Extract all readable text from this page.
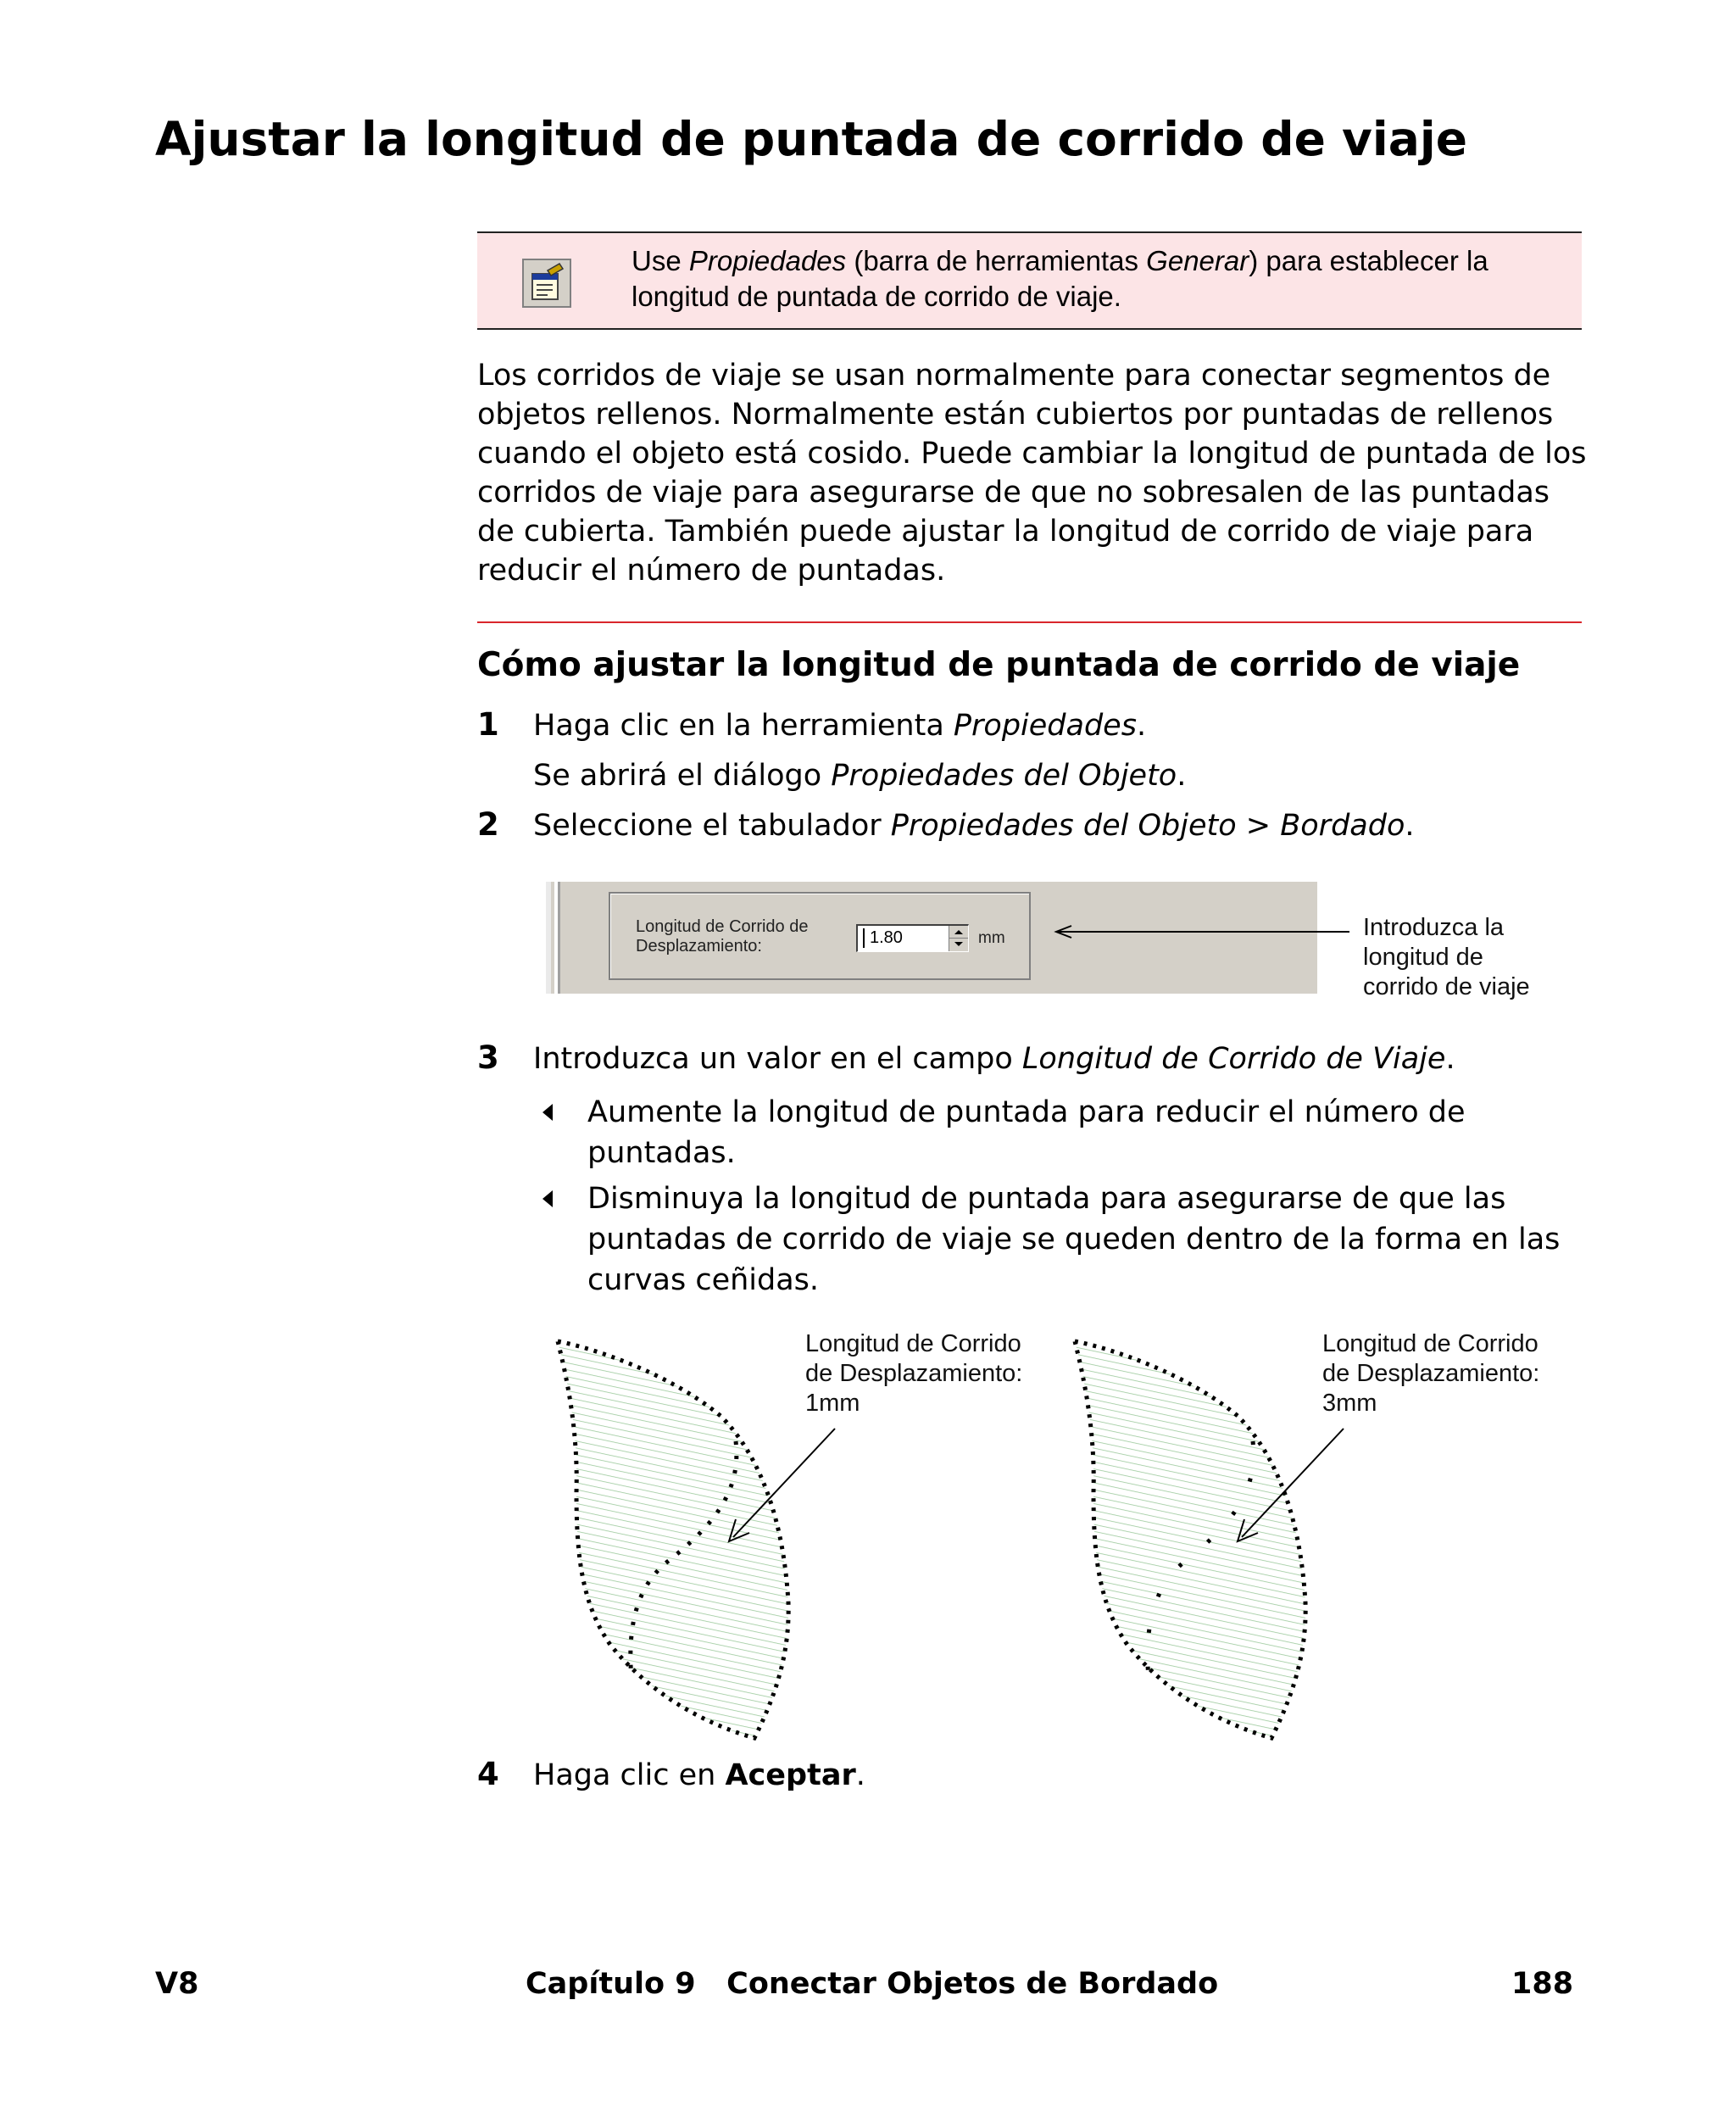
Ajustar la longitud de puntada de corrido de viaje
Use Propiedades (barra de herramientas Generar) para establecer la longitud de puntada de corrido de viaje.
Los corridos de viaje se usan normalmente para conectar segmentos de objetos rellenos. Normalmente están cubiertos por puntadas de rellenos cuando el objeto está cosido. Puede cambiar la longitud de puntada de los corridos de viaje para asegurarse de que no sobresalen de las puntadas de cubierta. También puede ajustar la longitud de corrido de viaje para reducir el número de puntadas.
Cómo ajustar la longitud de puntada de corrido de viaje
1 Haga clic en la herramienta Propiedades.
Se abrirá el diálogo Propiedades del Objeto.
2 Seleccione el tabulador Propiedades del Objeto > Bordado.
Longitud de Corrido de
Desplazamiento:	1.80	mm	Introduzca la
longitud de
corrido de viaje
3 Introduzca un valor en el campo Longitud de Corrido de Viaje.
Aumente la longitud de puntada para reducir el número de puntadas.
Disminuya la longitud de puntada para asegurarse de que las puntadas de corrido de viaje se queden dentro de la forma en las curvas ceñidas.
Longitud de Corrido
de Desplazamiento:
1mm
Longitud de Corrido
de Desplazamiento:
3mm
4 Haga clic en Aceptar.
V8	Capítulo 9   Conectar Objetos de Bordado	188
